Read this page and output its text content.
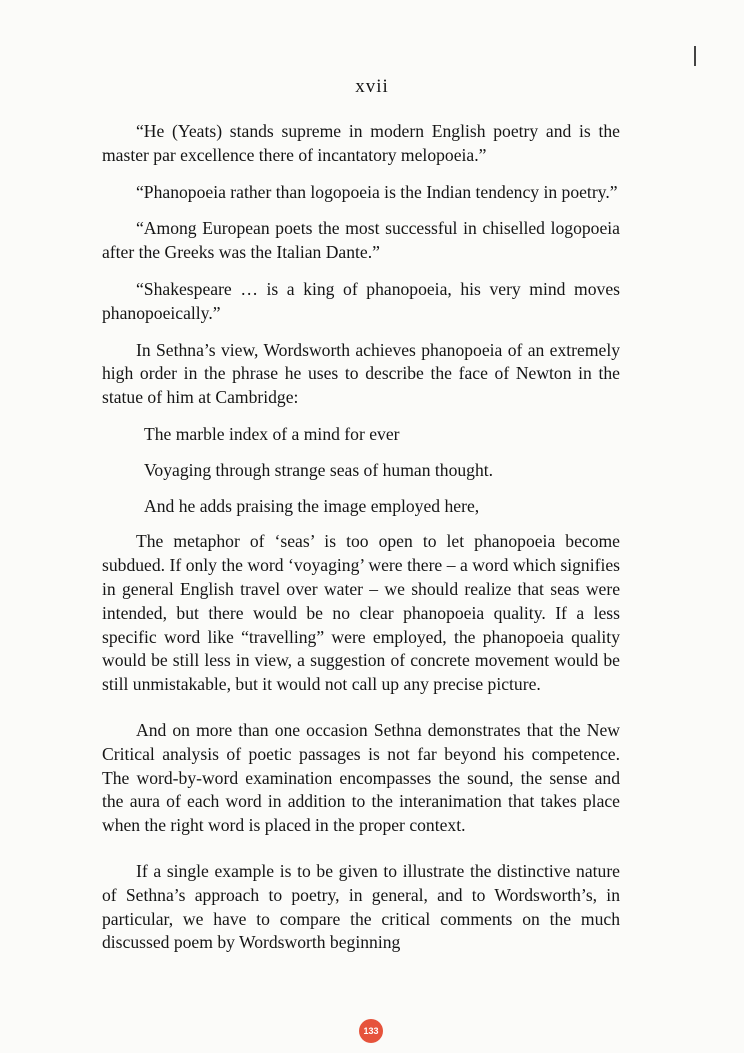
xvii

“He (Yeats) stands supreme in modern English poetry and is the master par excellence there of incantatory melopoeia.”

“Phanopoeia rather than logopoeia is the Indian tendency in poetry.”

“Among European poets the most successful in chiselled logopoeia after the Greeks was the Italian Dante.”

“Shakespeare … is a king of phanopoeia, his very mind moves phanopoeically.”

In Sethna’s view, Wordsworth achieves phanopoeia of an extremely high order in the phrase he uses to describe the face of Newton in the statue of him at Cambridge:

The marble index of a mind for ever

Voyaging through strange seas of human thought.

And he adds praising the image employed here,

The metaphor of ‘seas’ is too open to let phanopoeia become subdued. If only the word ‘voyaging’ were there – a word which signifies in general English travel over water – we should realize that seas were intended, but there would be no clear phanopoeia quality. If a less specific word like “travelling” were employed, the phanopoeia quality would be still less in view, a suggestion of concrete movement would be still unmistakable, but it would not call up any precise picture.

And on more than one occasion Sethna demonstrates that the New Critical analysis of poetic passages is not far beyond his competence. The word-by-word examination encompasses the sound, the sense and the aura of each word in addition to the interanimation that takes place when the right word is placed in the proper context.

If a single example is to be given to illustrate the distinctive nature of Sethna’s approach to poetry, in general, and to Wordsworth’s, in particular, we have to compare the critical comments on the much discussed poem by Wordsworth beginning

133
